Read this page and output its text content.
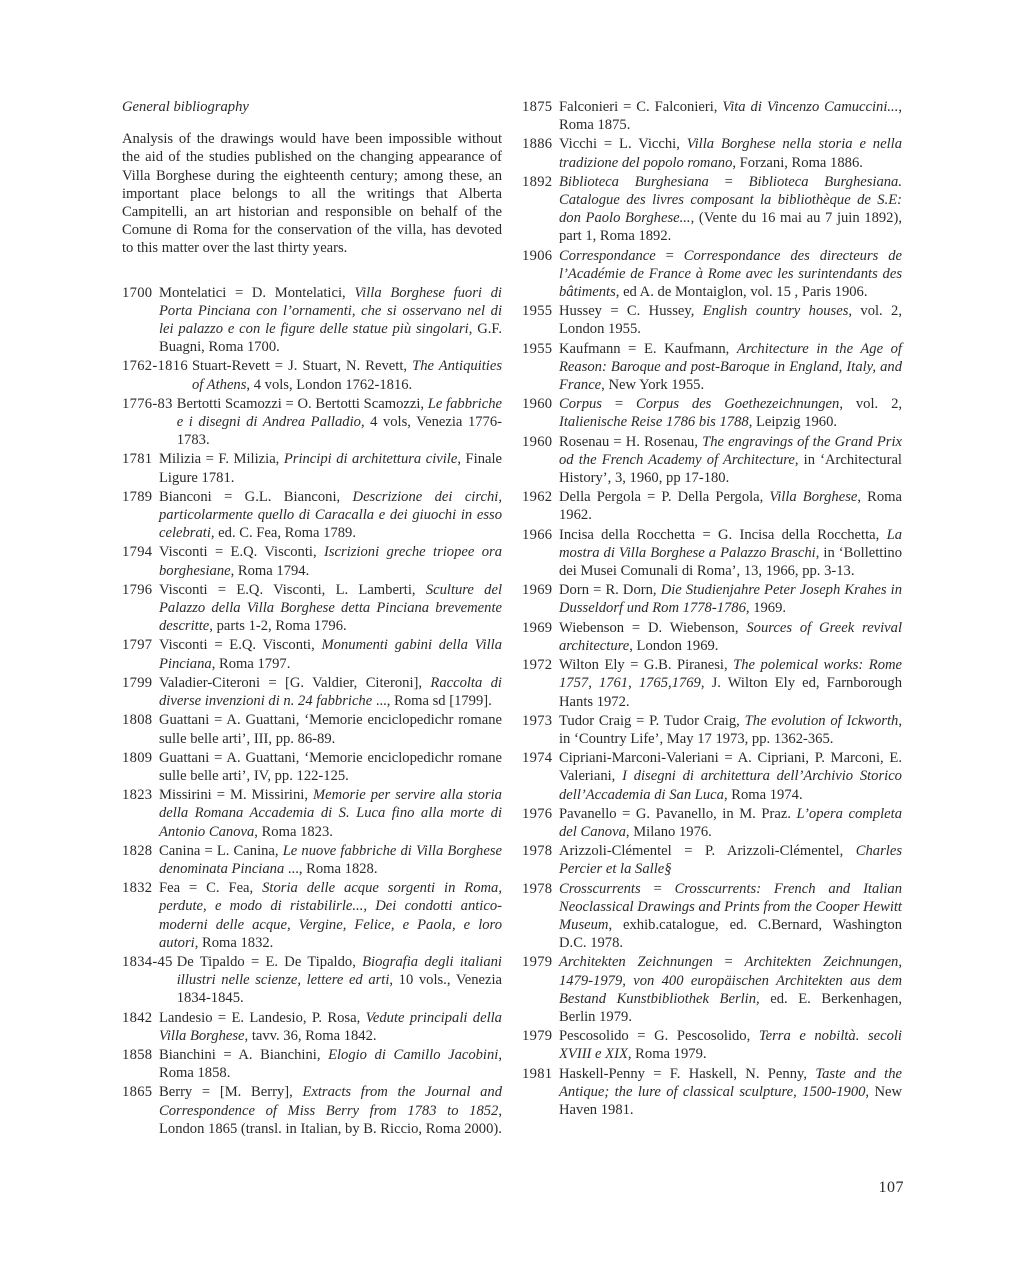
General bibliography
Analysis of the drawings would have been impossible without the aid of the studies published on the changing appearance of Villa Borghese during the eighteenth century; among these, an important place belongs to all the writings that Alberta Campitelli, an art historian and responsible on behalf of the Comune di Roma for the conservation of the villa, has devoted to this matter over the last thirty years.
1700 Montelatici = D. Montelatici, Villa Borghese fuori di Porta Pinciana con l’ornamenti, che si osservano nel di lei palazzo e con le figure delle statue più singolari, G.F. Buagni, Roma 1700.
1762-1816 Stuart-Revett = J. Stuart, N. Revett, The Antiquities of Athens, 4 vols, London 1762-1816.
1776-83 Bertotti Scamozzi = O. Bertotti Scamozzi, Le fabbriche e i disegni di Andrea Palladio, 4 vols, Venezia 1776-1783.
1781 Milizia = F. Milizia, Principi di architettura civile, Finale Ligure 1781.
1789 Bianconi = G.L. Bianconi, Descrizione dei circhi, particolarmente quello di Caracalla e dei giuochi in esso celebrati, ed. C. Fea, Roma 1789.
1794 Visconti = E.Q. Visconti, Iscrizioni greche triopee ora borghesiane, Roma 1794.
1796 Visconti = E.Q. Visconti, L. Lamberti, Sculture del Palazzo della Villa Borghese detta Pinciana brevemente descritte, parts 1-2, Roma 1796.
1797 Visconti = E.Q. Visconti, Monumenti gabini della Villa Pinciana, Roma 1797.
1799 Valadier-Citeroni = [G. Valdier, Citeroni], Raccolta di diverse invenzioni di n. 24 fabbriche ..., Roma sd [1799].
1808 Guattani = A. Guattani, ‘Memorie enciclopedichr romane sulle belle arti’, III, pp. 86-89.
1809 Guattani = A. Guattani, ‘Memorie enciclopedichr romane sulle belle arti’, IV, pp. 122-125.
1823 Missirini = M. Missirini, Memorie per servire alla storia della Romana Accademia di S. Luca fino alla morte di Antonio Canova, Roma 1823.
1828 Canina = L. Canina, Le nuove fabbriche di Villa Borghese denominata Pinciana ..., Roma 1828.
1832 Fea = C. Fea, Storia delle acque sorgenti in Roma, perdute, e modo di ristabilirle..., Dei condotti antico-moderni delle acque, Vergine, Felice, e Paola, e loro autori, Roma 1832.
1834-45 De Tipaldo = E. De Tipaldo, Biografia degli italiani illustri nelle scienze, lettere ed arti, 10 vols., Venezia 1834-1845.
1842 Landesio = E. Landesio, P. Rosa, Vedute principali della Villa Borghese, tavv. 36, Roma 1842.
1858 Bianchini = A. Bianchini, Elogio di Camillo Jacobini, Roma 1858.
1865 Berry = [M. Berry], Extracts from the Journal and Correspondence of Miss Berry from 1783 to 1852, London 1865 (transl. in Italian, by B. Riccio, Roma 2000).
1875 Falconieri = C. Falconieri, Vita di Vincenzo Camuccini..., Roma 1875.
1886 Vicchi = L. Vicchi, Villa Borghese nella storia e nella tradizione del popolo romano, Forzani, Roma 1886.
1892 Biblioteca Burghesiana = Biblioteca Burghesiana. Catalogue des livres composant la bibliothèque de S.E: don Paolo Borghese..., (Vente du 16 mai au 7 juin 1892), part 1, Roma 1892.
1906 Correspondance = Correspondance des directeurs de l’Académie de France à Rome avec les surintendants des bâtiments, ed A. de Montaiglon, vol. 15 , Paris 1906.
1955 Hussey = C. Hussey, English country houses, vol. 2, London 1955.
1955 Kaufmann = E. Kaufmann, Architecture in the Age of Reason: Baroque and post-Baroque in England, Italy, and France, New York 1955.
1960 Corpus = Corpus des Goethezeichnungen, vol. 2, Italienische Reise 1786 bis 1788, Leipzig 1960.
1960 Rosenau = H. Rosenau, The engravings of the Grand Prix od the French Academy of Architecture, in ‘Architectural History’, 3, 1960, pp 17-180.
1962 Della Pergola = P. Della Pergola, Villa Borghese, Roma 1962.
1966 Incisa della Rocchetta = G. Incisa della Rocchetta, La mostra di Villa Borghese a Palazzo Braschi, in ‘Bollettino dei Musei Comunali di Roma’, 13, 1966, pp. 3-13.
1969 Dorn = R. Dorn, Die Studienjahre Peter Joseph Krahes in Dusseldorf und Rom 1778-1786, 1969.
1969 Wiebenson = D. Wiebenson, Sources of Greek revival architecture, London 1969.
1972 Wilton Ely = G.B. Piranesi, The polemical works: Rome 1757, 1761, 1765,1769, J. Wilton Ely ed, Farnborough Hants 1972.
1973 Tudor Craig = P. Tudor Craig, The evolution of Ickworth, in ‘Country Life’, May 17 1973, pp. 1362-365.
1974 Cipriani-Marconi-Valeriani = A. Cipriani, P. Marconi, E. Valeriani, I disegni di architettura dell’Archivio Storico dell’Accademia di San Luca, Roma 1974.
1976 Pavanello = G. Pavanello, in M. Praz. L’opera completa del Canova, Milano 1976.
1978 Arizzoli-Clémentel = P. Arizzoli-Clémentel, Charles Percier et la Salle§
1978 Crosscurrents = Crosscurrents: French and Italian Neoclassical Drawings and Prints from the Cooper Hewitt Museum, exhib.catalogue, ed. C.Bernard, Washington D.C. 1978.
1979 Architekten Zeichnungen = Architekten Zeichnungen, 1479-1979, von 400 europäischen Architekten aus dem Bestand Kunstbibliothek Berlin, ed. E. Berkenhagen, Berlin 1979.
1979 Pescosolido = G. Pescosolido, Terra e nobiltà. secoli XVIII e XIX, Roma 1979.
1981 Haskell-Penny = F. Haskell, N. Penny, Taste and the Antique; the lure of classical sculpture, 1500-1900, New Haven 1981.
107
